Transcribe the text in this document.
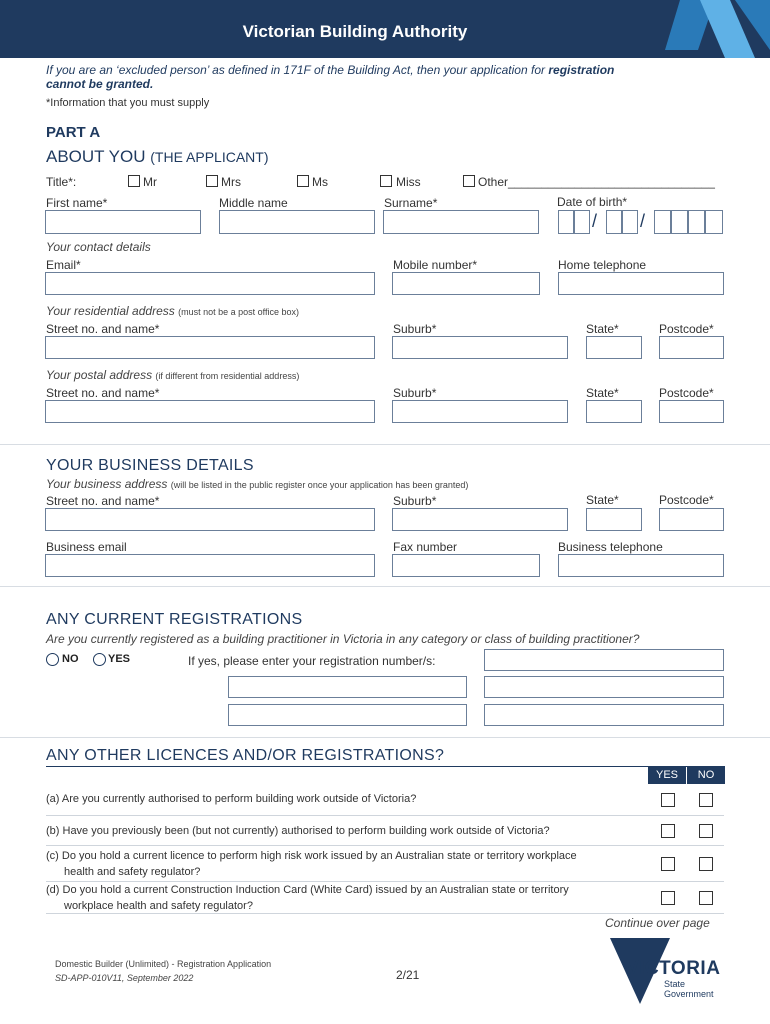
Victorian Building Authority
If you are an ‘excluded person’ as defined in 171F of the Building Act, then your application for registration
cannot be granted.
*Information that you must supply
PART A
ABOUT YOU (THE APPLICANT)
Title*:	Mr	Mrs	Ms	Miss	Other_______________________________
First name*	Middle name	Surname*	Date of birth*
/ /
Your contact details
Email*	Mobile number*	Home telephone
Your residential address (must not be a post office box)
Street no. and name*	Suburb*	State*	Postcode*
Your postal address (if different from residential address)
Street no. and name*	Suburb*	State*	Postcode*
YOUR BUSINESS DETAILS
Your business address (will be listed in the public register once your application has been granted)
Street no. and name*	Suburb*	State*	Postcode*
Business email	Fax number	Business telephone
ANY CURRENT REGISTRATIONS
Are you currently registered as a building practitioner in Victoria in any category or class of building practitioner?
NO	YES	If yes, please enter your registration number/s:
ANY OTHER LICENCES AND/OR REGISTRATIONS?
YES	NO
(a) Are you currently authorised to perform building work outside of Victoria?
(b) Have you previously been (but not currently) authorised to perform building work outside of Victoria?
(c) Do you hold a current licence to perform high risk work issued by an Australian state or territory workplace
health and safety regulator?
(d) Do you hold a current Construction Induction Card (White Card) issued by an Australian state or territory
workplace health and safety regulator?
Continue over page
Domestic Builder (Unlimited) - Registration Application
SD-APP-010V11, September 2022	2/21	VICTORIA
State
Government
